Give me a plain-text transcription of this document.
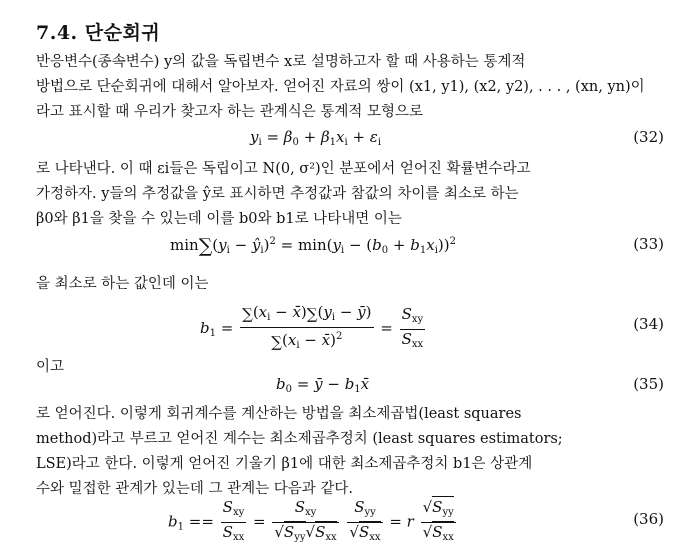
7.4. 단순회귀
반응변수(종속변수) y의 값을 독립변수 x로 설명하고자 할 때 사용하는 통계적
방법으로 단순회귀에 대해서 알아보자. 얻어진 자료의 쌍이 (x1, y1), (x2, y2), . . . , (xn, yn)이
라고 표시할 때 우리가 찾고자 하는 관계식은 통계적 모형으로
$y_i = \beta_0 + \beta_1x_i + \varepsilon_i$	(32)
로 나타낸다. 이 때 εi들은 독립이고 N(0, σ²)인 분포에서 얻어진 확률변수라고
가정하자. y들의 추정값을 ŷ로 표시하면 추정값과 참값의 차이를 최소로 하는
β0와 β1을 찾을 수 있는데 이를 b0와 b1로 나타내면 이는
$\min\sum(y_i$ − $ŷ_i)^2 = \min(y_i - (b_0 + b_1x_i))^2$	(33)
을 최소로 하는 값인데 이는
$b_1 = \frac{\sum(x_i - x̄)\sum(y_i - ȳ)}{\sum(x_i - x̄)^2} = \frac{S_{xy}}{S_{xx}}$	(34)
이고
$b_0$ = ȳ − $b_1x̄$	(35)
로 얻어진다. 이렇게 회귀계수를 계산하는 방법을 최소제곱법(least squares
method)라고 부르고 얻어진 계수는 최소제곱추정치 (least squares estimators;
LSE)라고 한다. 이렇게 얻어진 기울기 β1에 대한 최소제곱추정치 b1은 상관계
수와 밀접한 관계가 있는데 그 관계는 다음과 같다.
$b_1 == \frac{S_{xy}}{S_{xx}} = \frac{S_{xy}}{√S_{yy}√S_{xx}}$
$\frac{S_{yy}}{√S_{xx}} = r \frac{√S_{yy}}{√S_{xx}}$	(36)
